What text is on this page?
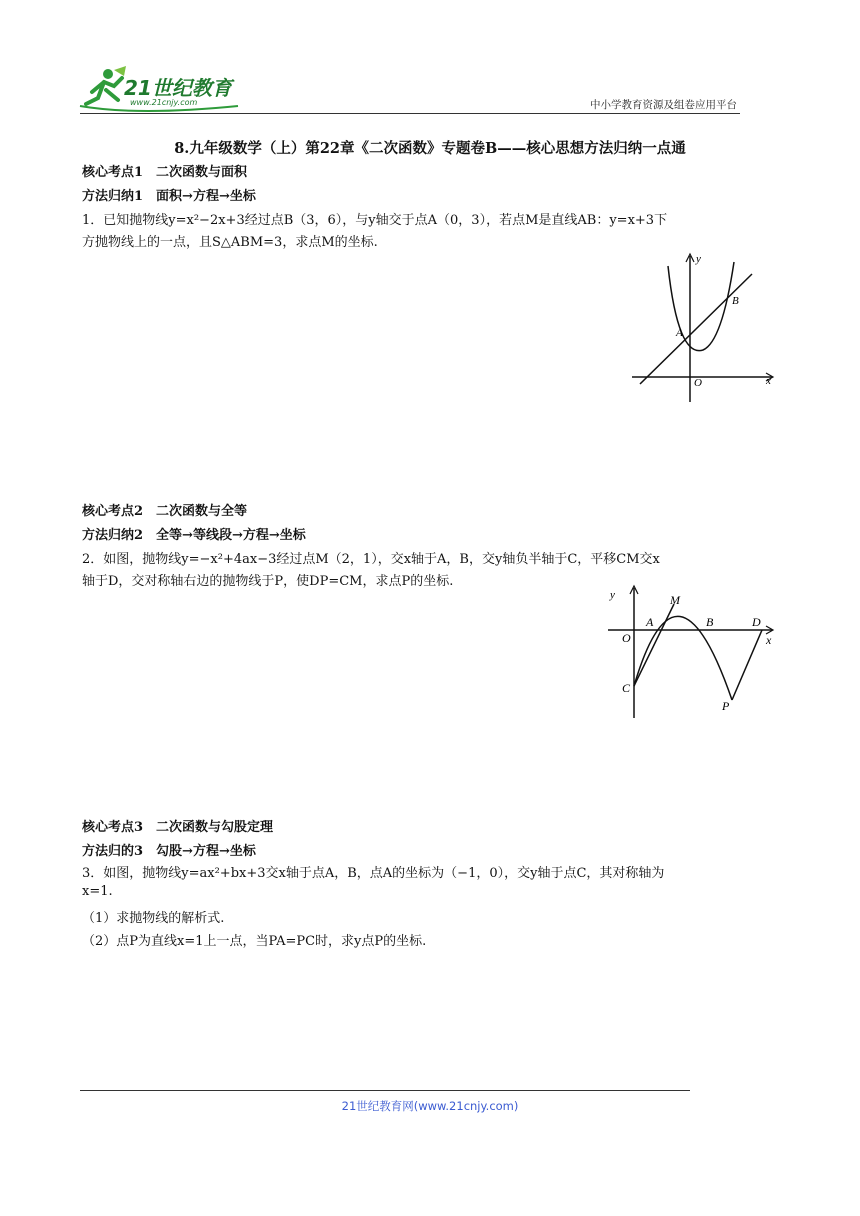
21世纪教育
www.21cnjy.com	中小学教育资源及组卷应用平台
8.九年级数学（上）第22章《二次函数》专题卷B——核心思想方法归纳一点通
核心考点1　二次函数与面积
方法归纳1　面积→方程→坐标
1．已知抛物线y=x²−2x+3经过点B（3，6），与y轴交于点A（0，3），若点M是直线AB：y=x+3下
方抛物线上的一点，且S△ABM=3，求点M的坐标.
y
B
A
O	x
核心考点2　二次函数与全等
方法归纳2　全等→等线段→方程→坐标
2．如图，抛物线y=−x²+4ax−3经过点M（2，1），交x轴于A，B，交y轴负半轴于C，平移CM交x
轴于D，交对称轴右边的抛物线于P，使DP=CM，求点P的坐标.
y	M
A	B	D
O	x
C
P
核心考点3　二次函数与勾股定理
方法归的3　勾股→方程→坐标
3．如图，抛物线y=ax²+bx+3交x轴于点A，B，点A的坐标为（−1，0），交y轴于点C，其对称轴为
x=1.
（1）求抛物线的解析式.
（2）点P为直线x=1上一点，当PA=PC时，求y点P的坐标.
21世纪教育网(www.21cnjy.com)
